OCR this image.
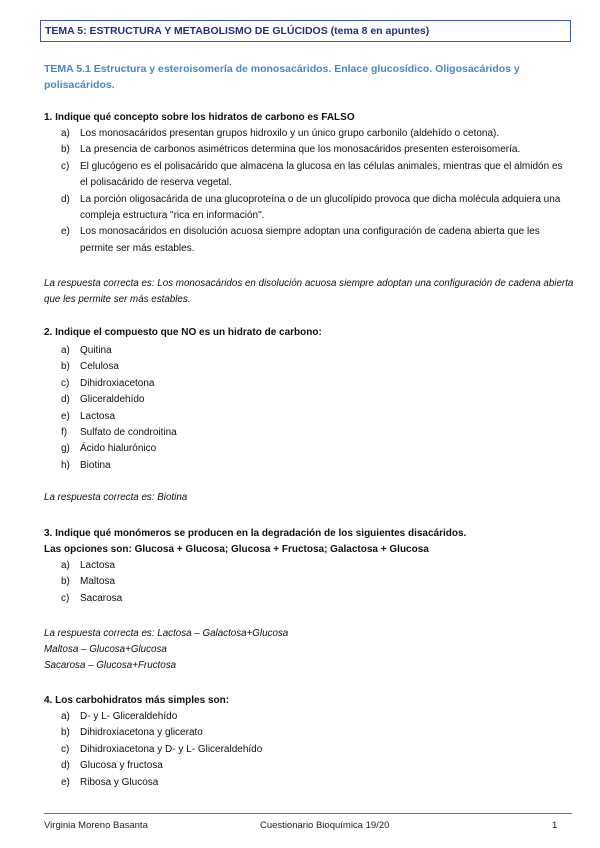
TEMA 5: ESTRUCTURA Y METABOLISMO DE GLÚCIDOS (tema 8 en apuntes)
TEMA 5.1 Estructura y esteroisomería de monosacáridos. Enlace glucosídico. Oligosacáridos y polisacáridos.
1. Indique qué concepto sobre los hidratos de carbono es FALSO
a) Los monosacáridos presentan grupos hidroxilo y un único grupo carbonilo (aldehído o cetona).
b) La presencia de carbonos asimétricos determina que los monosacáridos presenten esteroisomería.
c) El glucógeno es el polisacárido que almacena la glucosa en las células animales, mientras que el almidón es el polisacárido de reserva vegetal.
d) La porción oligosacárida de una glucoproteína o de un glucolípido provoca que dicha molécula adquiera una compleja estructura "rica en información".
e) Los monosacáridos en disolución acuosa siempre adoptan una configuración de cadena abierta que les permite ser más estables.
La respuesta correcta es: Los monosacáridos en disolución acuosa siempre adoptan una configuración de cadena abierta que les permite ser más estables.
2. Indique el compuesto que NO es un hidrato de carbono:
a) Quitina
b) Celulosa
c) Dihidroxiacetona
d) Gliceraldehído
e) Lactosa
f) Sulfato de condroitina
g) Ácido hialurónico
h) Biotina
La respuesta correcta es: Biotina
3. Indique qué monómeros se producen en la degradación de los siguientes disacáridos.
Las opciones son: Glucosa + Glucosa; Glucosa + Fructosa; Galactosa + Glucosa
a) Lactosa
b) Maltosa
c) Sacarosa
La respuesta correcta es: Lactosa – Galactosa+Glucosa
Maltosa – Glucosa+Glucosa
Sacarosa – Glucosa+Fructosa
4. Los carbohidratos más simples son:
a) D- y L- Gliceraldehído
b) Dihidroxiacetona y glicerato
c) Dihidroxiacetona y D- y L- Gliceraldehído
d) Glucosa y fructosa
e) Ribosa y Glucosa
Virginia Moreno Basanta	Cuestionario Bioquímica 19/20	1
